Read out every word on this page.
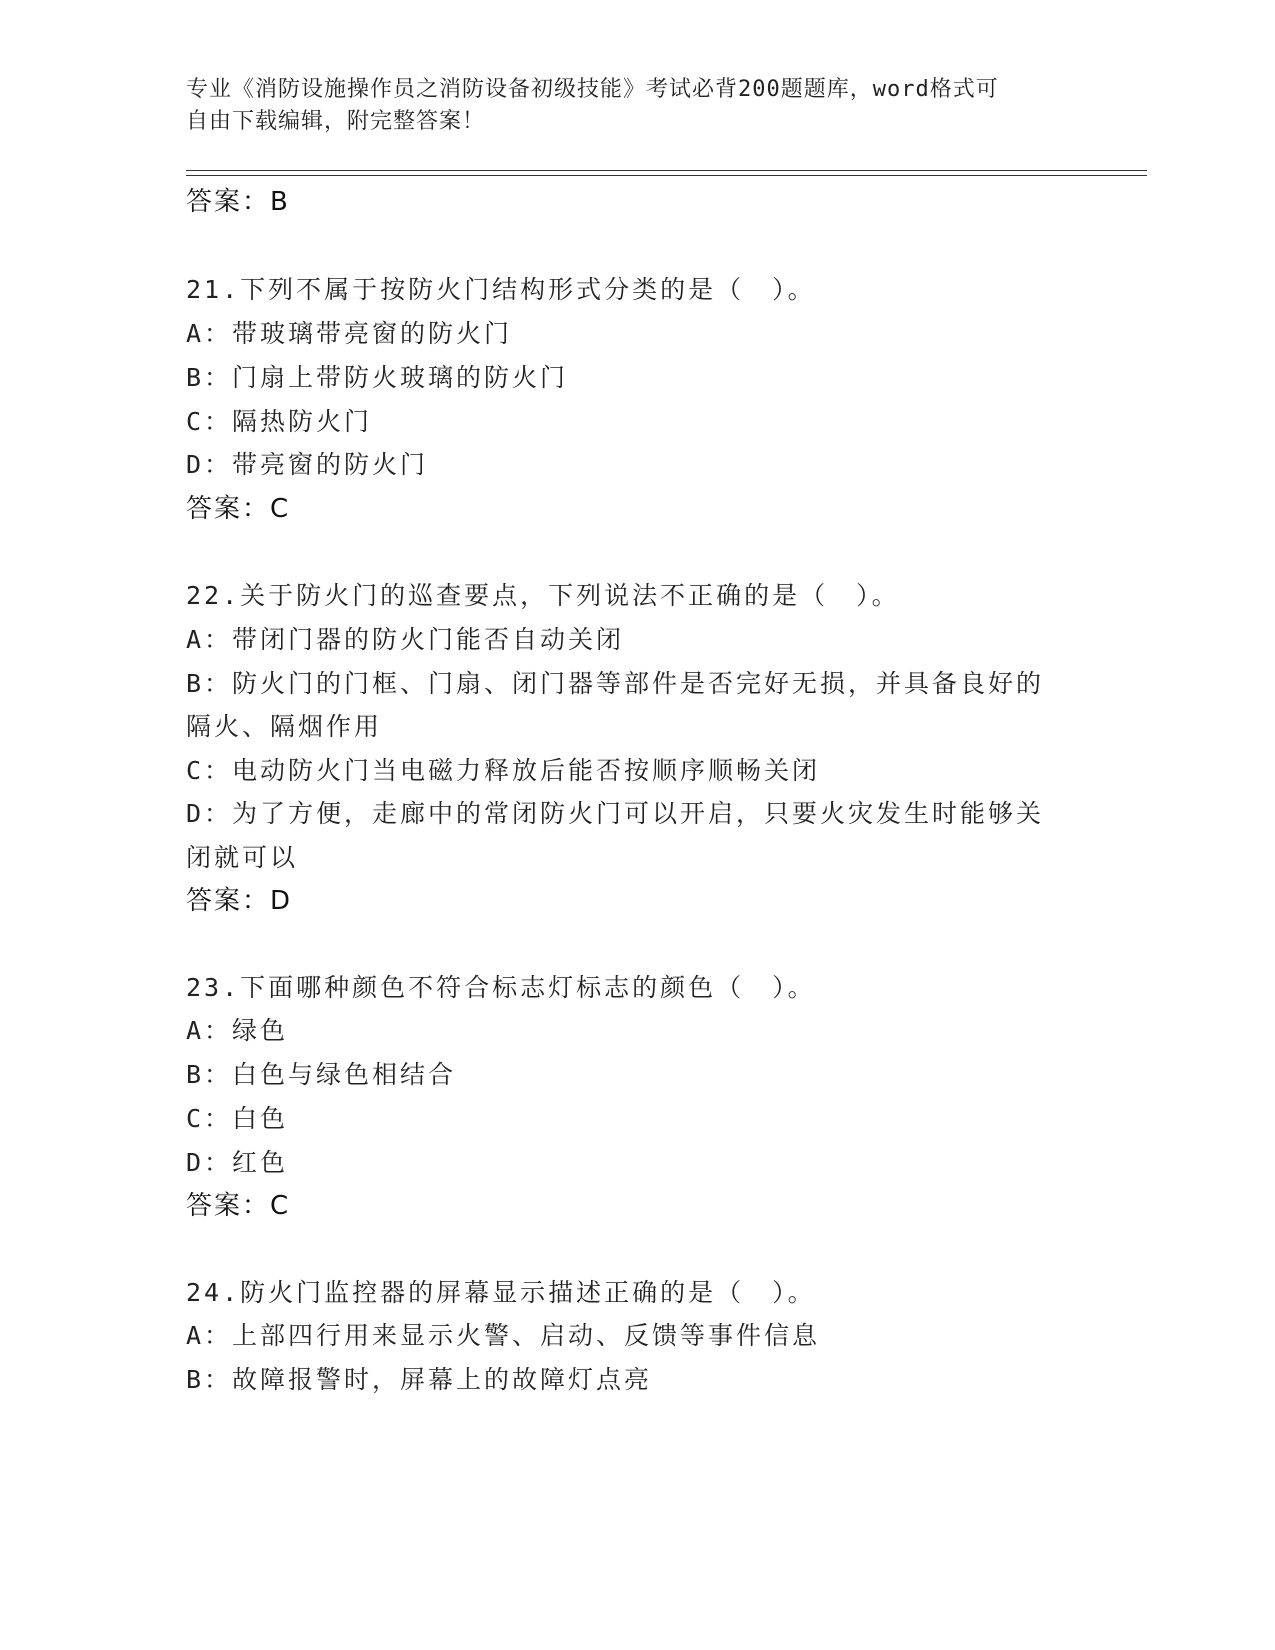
专业《消防设施操作员之消防设备初级技能》考试必背200题题库，word格式可
自由下载编辑，附完整答案！
答案：B
21.下列不属于按防火门结构形式分类的是（　）。
A：带玻璃带亮窗的防火门
B：门扇上带防火玻璃的防火门
C：隔热防火门
D：带亮窗的防火门
答案：C
22.关于防火门的巡查要点，下列说法不正确的是（　）。
A：带闭门器的防火门能否自动关闭
B：防火门的门框、门扇、闭门器等部件是否完好无损，并具备良好的
隔火、隔烟作用
C：电动防火门当电磁力释放后能否按顺序顺畅关闭
D：为了方便，走廊中的常闭防火门可以开启，只要火灾发生时能够关
闭就可以
答案：D
23.下面哪种颜色不符合标志灯标志的颜色（　）。
A：绿色
B：白色与绿色相结合
C：白色
D：红色
答案：C
24.防火门监控器的屏幕显示描述正确的是（　）。
A：上部四行用来显示火警、启动、反馈等事件信息
B：故障报警时，屏幕上的故障灯点亮
